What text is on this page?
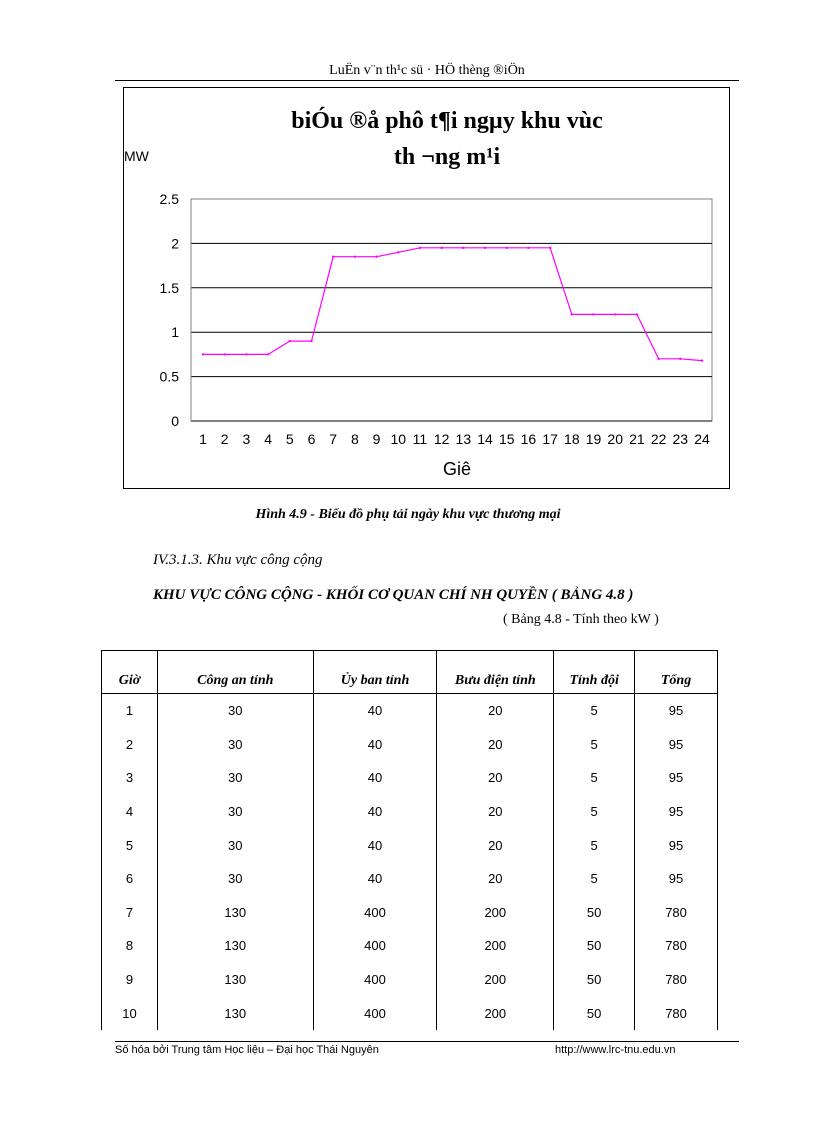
LuËn v¨n th¹c sü · HÖ thèng ®iÖn
biÓu ®å phô t¶i ngµy khu vùc
th ¬ng m¹i
MW
Giê
0
0.5
1
1.5
2
2.5
1 2 3 4 5 6 7 8 9 10 11 12 13 14 15 16 17 18 19 20 21 22 23 24
Hình 4.9 - Biểu đồ phụ tải ngày khu vực thương mại
IV.3.1.3. Khu vực công cộng
KHU VỰC CÔNG CỘNG - KHỐI CƠ QUAN CHÍ NH QUYỀN ( BẢNG 4.8 )
( Bảng 4.8 - Tính theo kW )
Giờ	Công an tỉnh	Ủy ban tỉnh	Bưu điện tỉnh	Tỉnh đội	Tổng
1	30	40	20	5	95
2	30	40	20	5	95
3	30	40	20	5	95
4	30	40	20	5	95
5	30	40	20	5	95
6	30	40	20	5	95
7	130	400	200	50	780
8	130	400	200	50	780
9	130	400	200	50	780
10	130	400	200	50	780
Số hóa bởi Trung tâm Học liệu – Đại học Thái Nguyên	http://www.lrc-tnu.edu.vn
